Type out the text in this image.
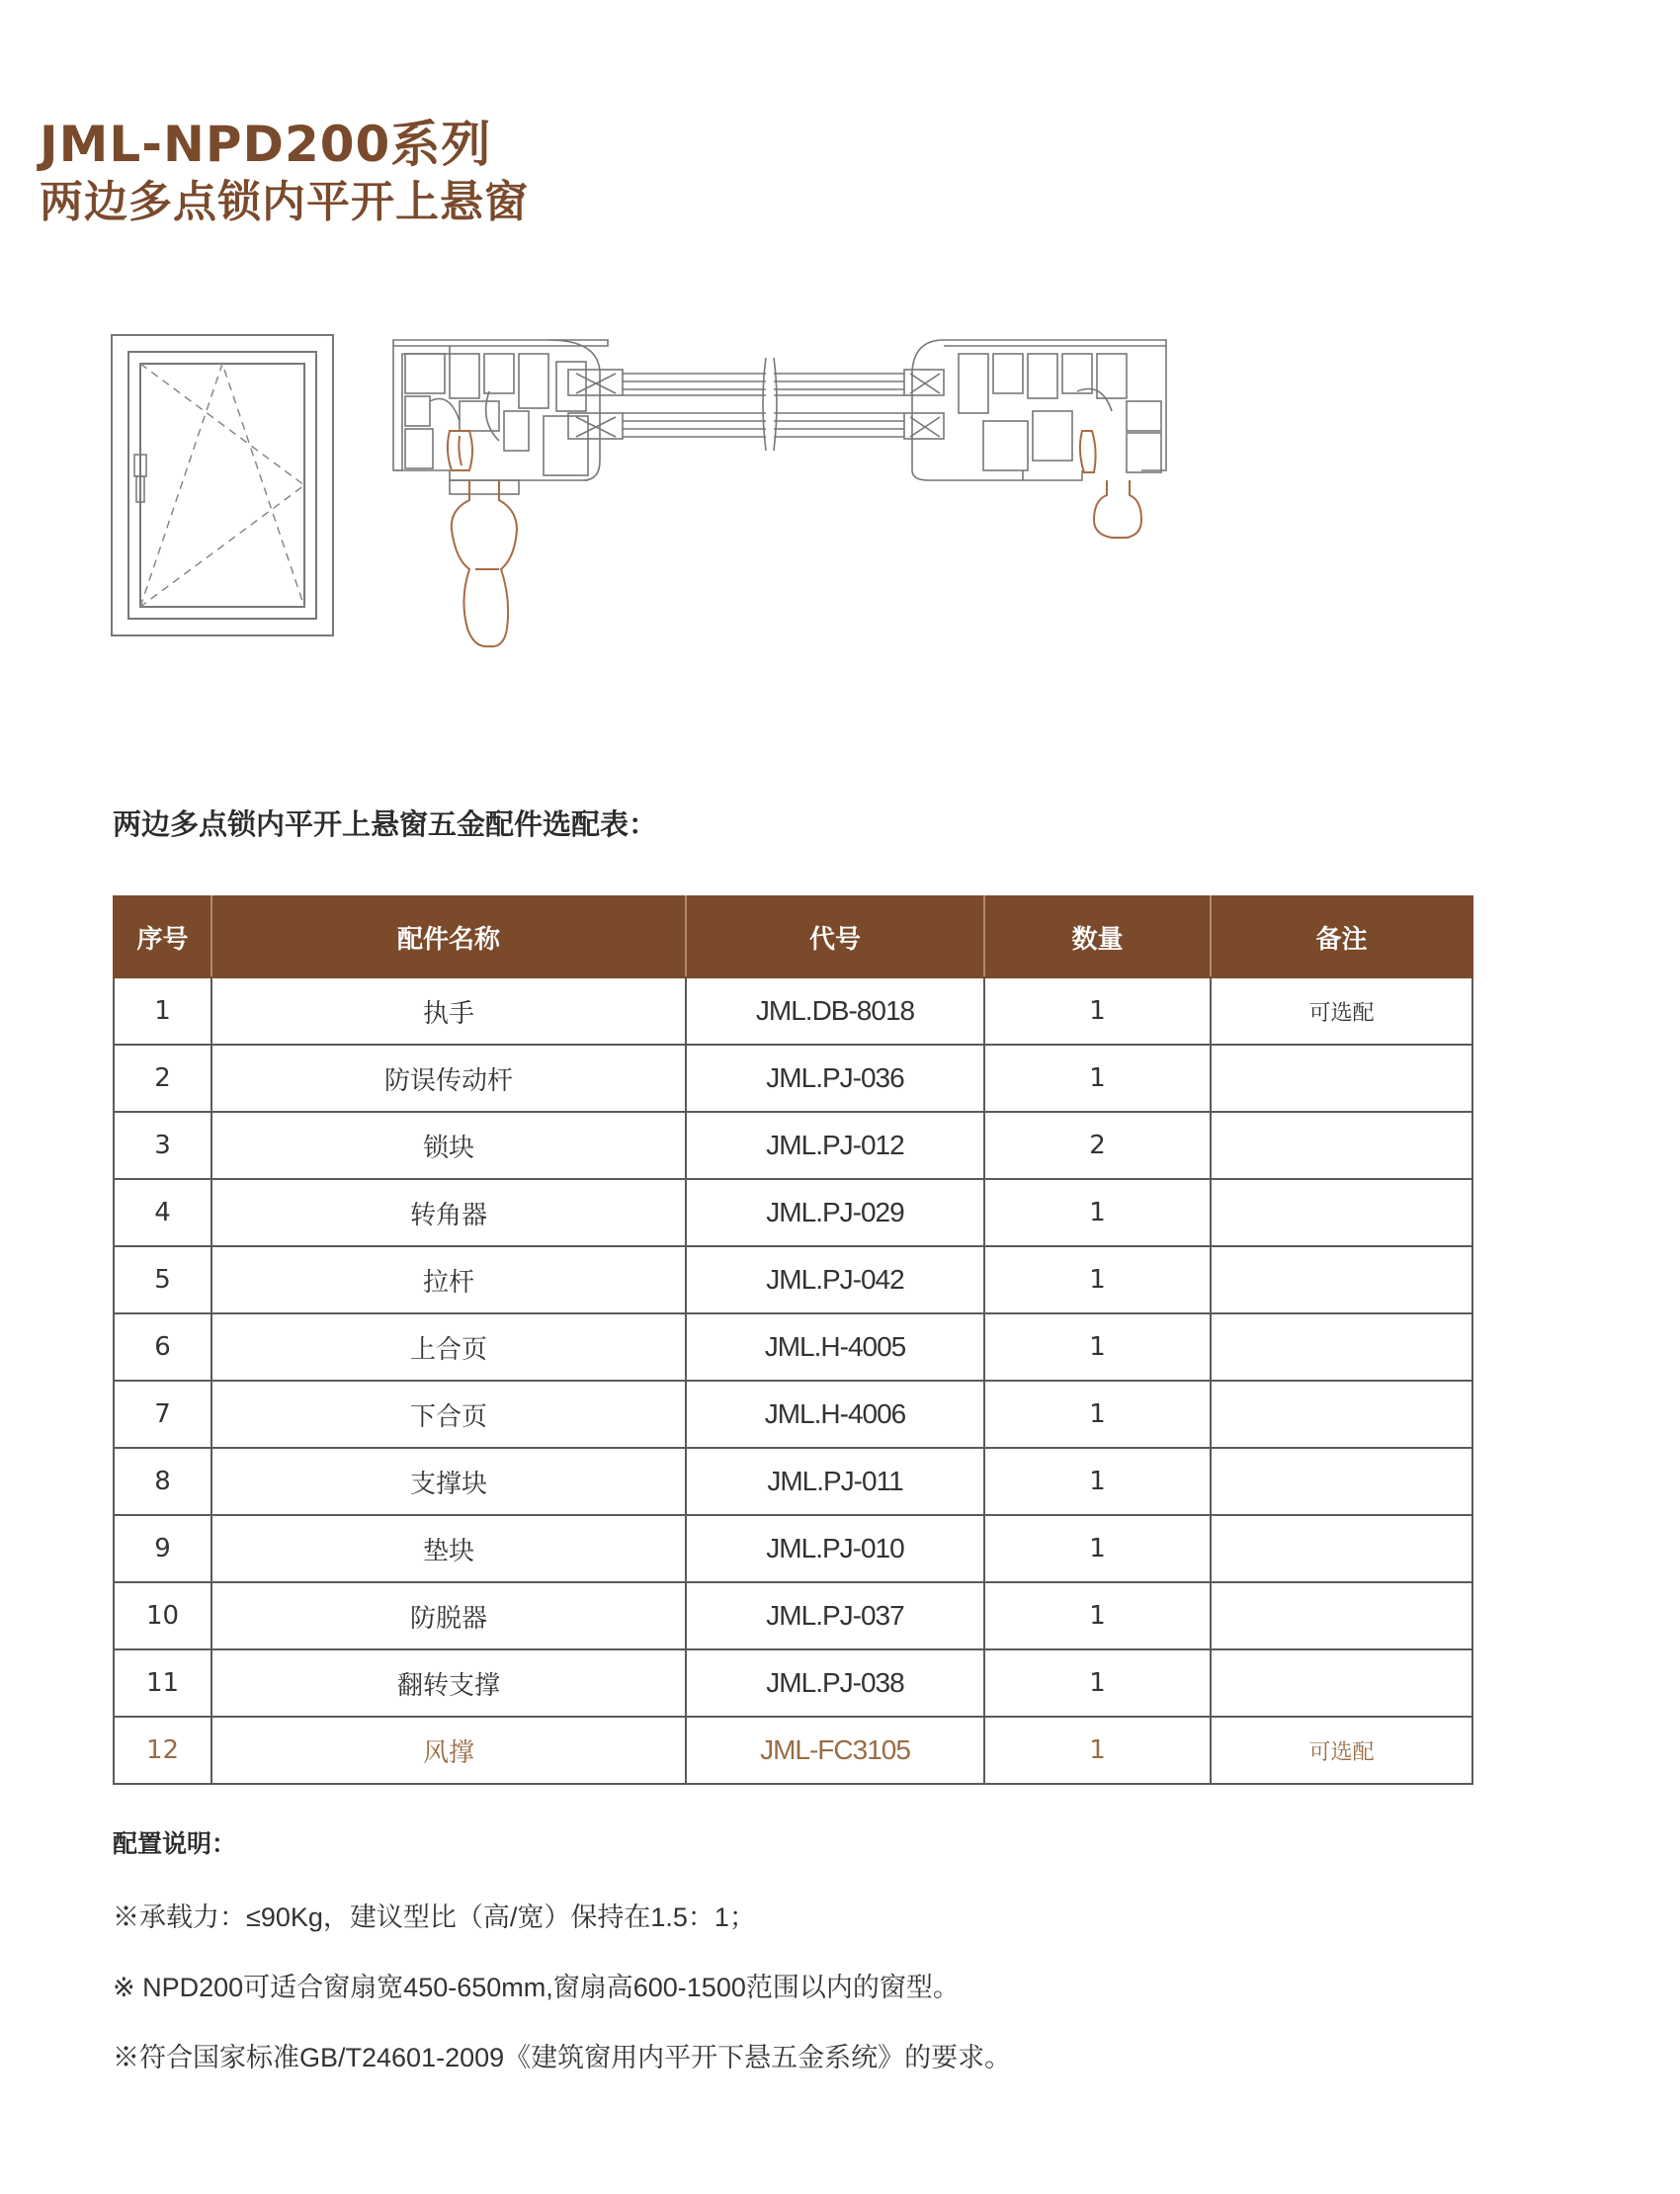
JML-NPD200系列
两边多点锁内平开上悬窗
两边多点锁内平开上悬窗五金配件选配表：
序号	配件名称	代号	数量	备注
1	执手	JML.DB-8018	1	可选配
2	防误传动杆	JML.PJ-036	1	
3	锁块	JML.PJ-012	2	
4	转角器	JML.PJ-029	1	
5	拉杆	JML.PJ-042	1	
6	上合页	JML.H-4005	1	
7	下合页	JML.H-4006	1	
8	支撑块	JML.PJ-011	1	
9	垫块	JML.PJ-010	1	
10	防脱器	JML.PJ-037	1	
11	翻转支撑	JML.PJ-038	1	
12	风撑	JML-FC3105	1	可选配
配置说明：
※承载力：≤90Kg，建议型比（高/宽）保持在1.5：1；
※ NPD200可适合窗扇宽450-650mm,窗扇高600-1500范围以内的窗型。
※符合国家标准GB/T24601-2009《建筑窗用内平开下悬五金系统》的要求。
